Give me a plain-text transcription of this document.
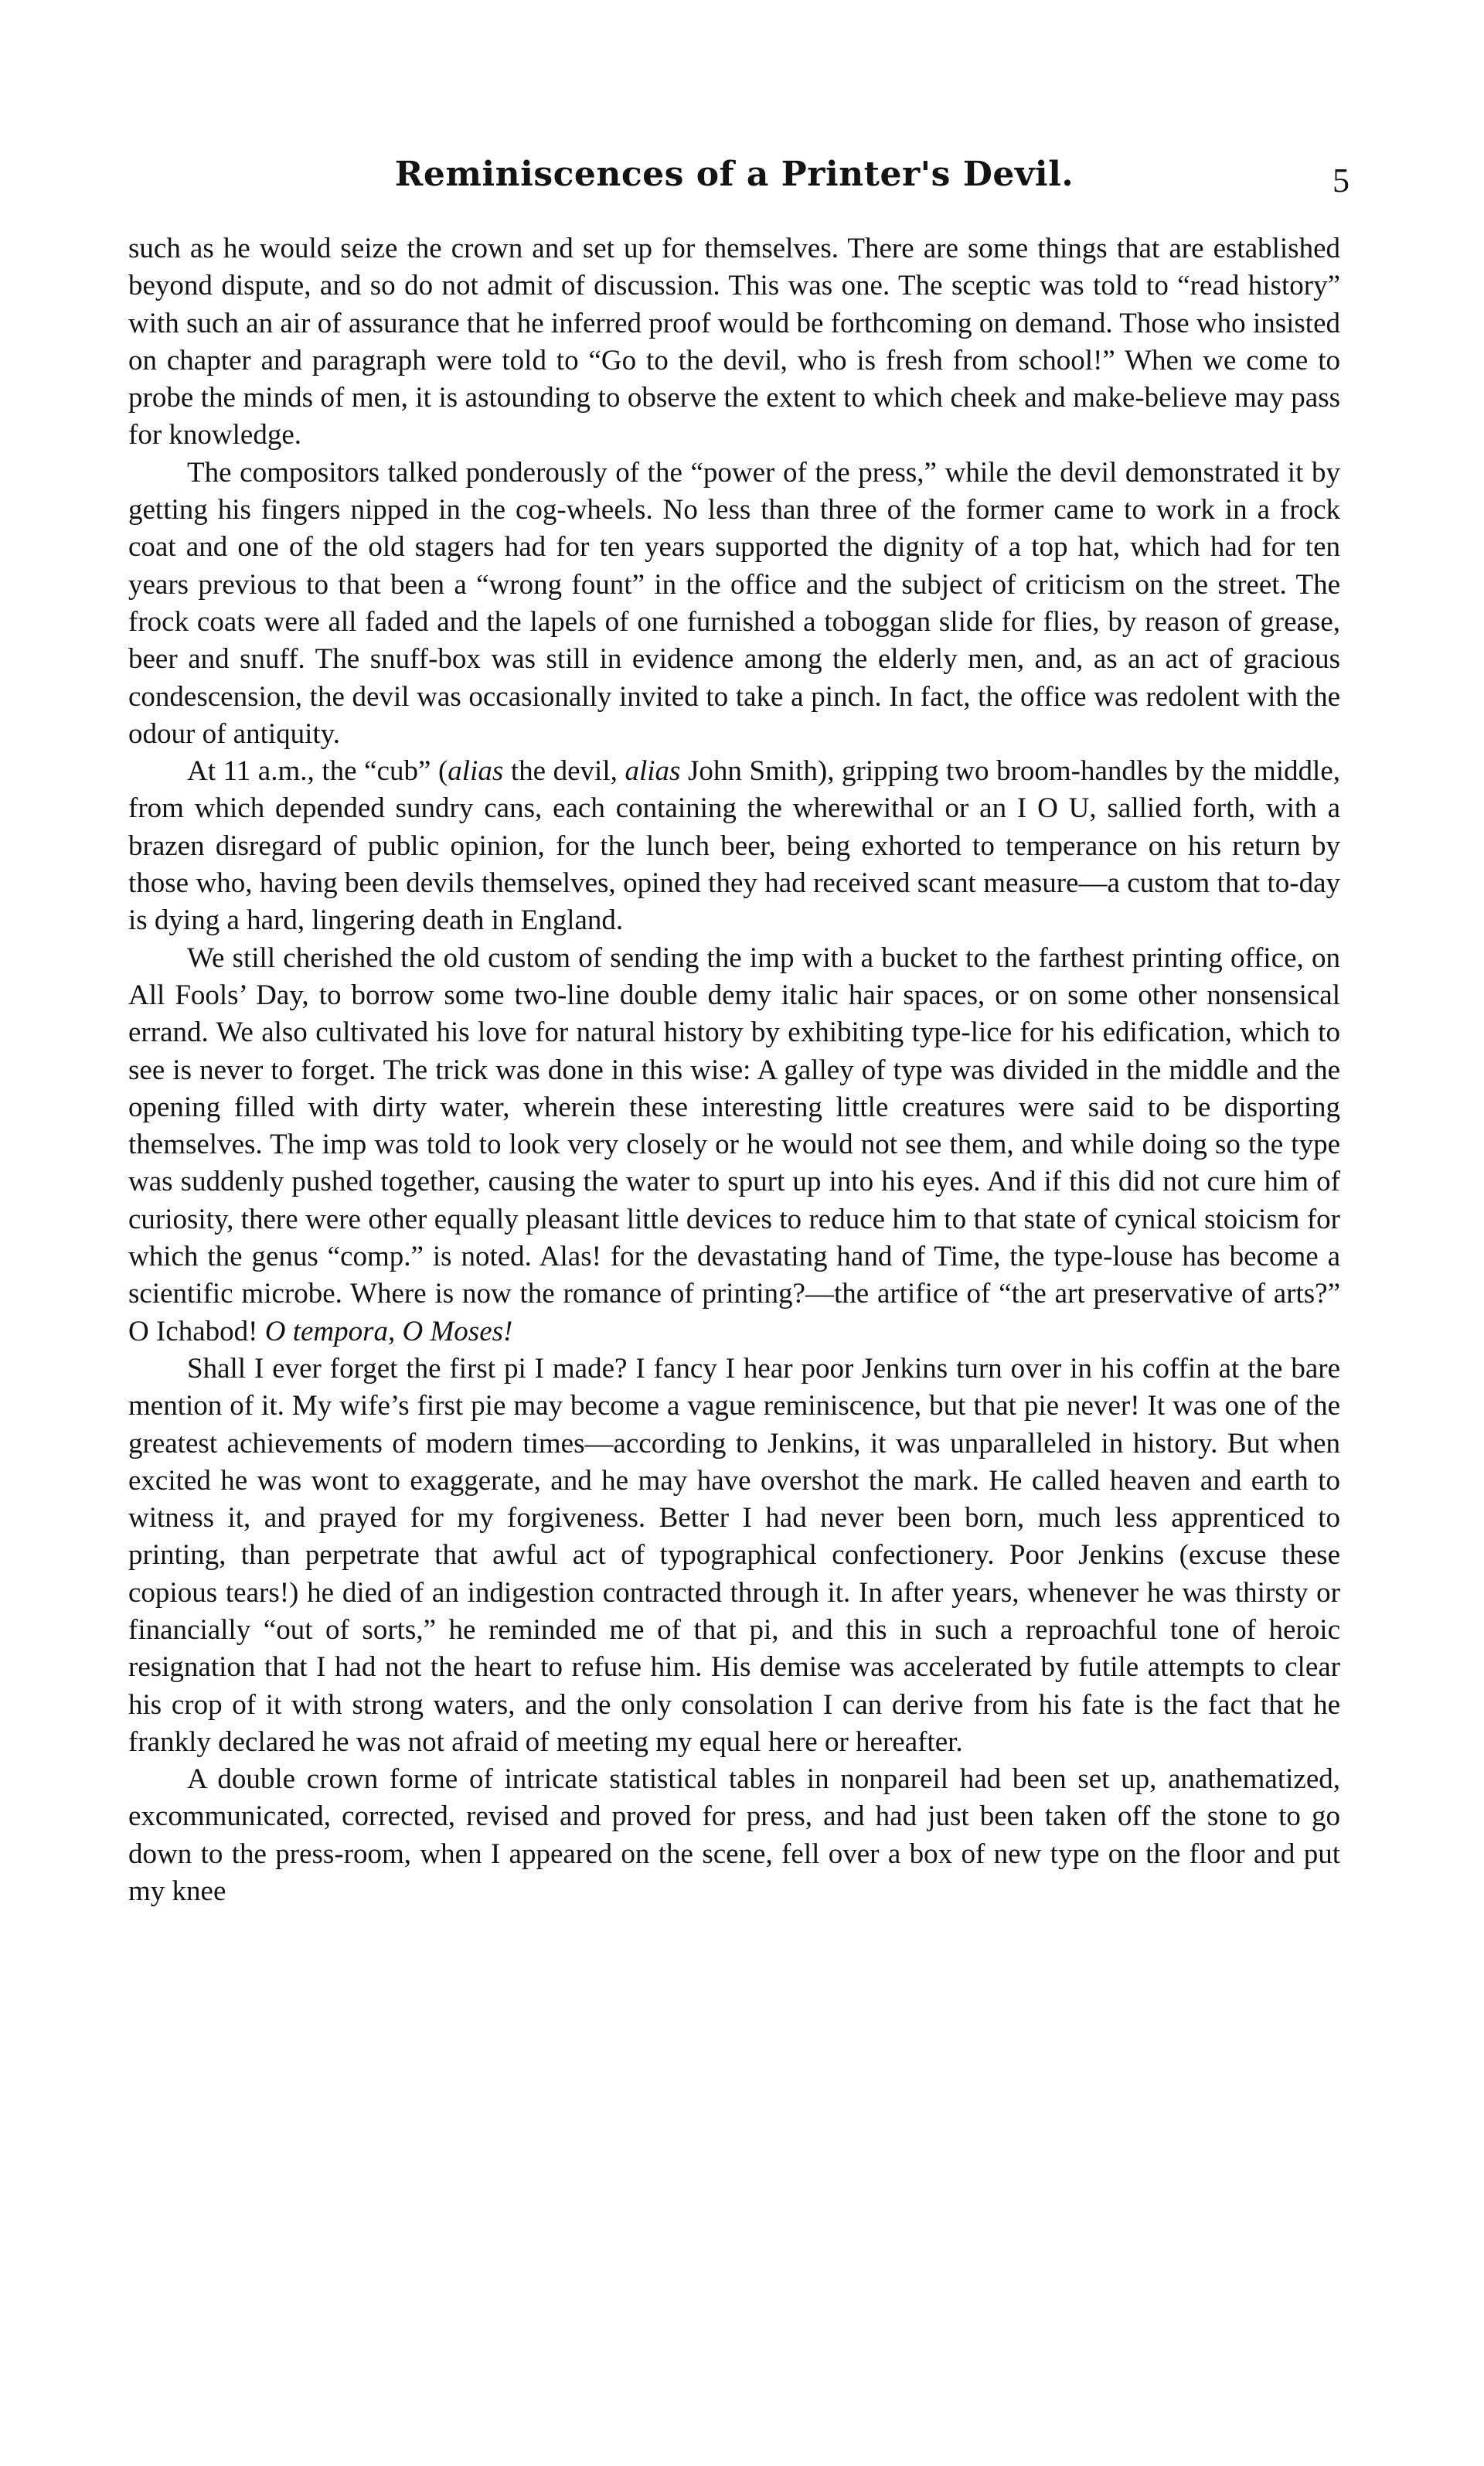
Reminiscences of a Printer's Devil.	5

such as he would seize the crown and set up for themselves. There are some things that are established beyond dispute, and so do not admit of discussion. This was one. The sceptic was told to “read history” with such an air of assurance that he inferred proof would be forthcoming on demand. Those who insisted on chapter and paragraph were told to “Go to the devil, who is fresh from school!” When we come to probe the minds of men, it is astounding to observe the extent to which cheek and make-believe may pass for knowledge.

The compositors talked ponderously of the “power of the press,” while the devil demonstrated it by getting his fingers nipped in the cog-wheels. No less than three of the former came to work in a frock coat and one of the old stagers had for ten years supported the dignity of a top hat, which had for ten years previous to that been a “wrong fount” in the office and the subject of criticism on the street. The frock coats were all faded and the lapels of one furnished a toboggan slide for flies, by reason of grease, beer and snuff. The snuff-box was still in evidence among the elderly men, and, as an act of gracious condescension, the devil was occasionally invited to take a pinch. In fact, the office was redolent with the odour of antiquity.

At 11 a.m., the “cub” (alias the devil, alias John Smith), gripping two broom-handles by the middle, from which depended sundry cans, each containing the wherewithal or an I O U, sallied forth, with a brazen disregard of public opinion, for the lunch beer, being exhorted to temperance on his return by those who, having been devils themselves, opined they had received scant measure—a custom that to-day is dying a hard, lingering death in England.

We still cherished the old custom of sending the imp with a bucket to the farthest printing office, on All Fools’ Day, to borrow some two-line double demy italic hair spaces, or on some other nonsensical errand. We also cultivated his love for natural history by exhibiting type-lice for his edification, which to see is never to forget. The trick was done in this wise: A galley of type was divided in the middle and the opening filled with dirty water, wherein these interesting little creatures were said to be disporting themselves. The imp was told to look very closely or he would not see them, and while doing so the type was suddenly pushed together, causing the water to spurt up into his eyes. And if this did not cure him of curiosity, there were other equally pleasant little devices to reduce him to that state of cynical stoicism for which the genus “comp.” is noted. Alas! for the devastating hand of Time, the type-louse has become a scientific microbe. Where is now the romance of printing?—the artifice of “the art preservative of arts?” O Ichabod! O tempora, O Moses!

Shall I ever forget the first pi I made? I fancy I hear poor Jenkins turn over in his coffin at the bare mention of it. My wife’s first pie may become a vague reminiscence, but that pie never! It was one of the greatest achievements of modern times—according to Jenkins, it was unparalleled in history. But when excited he was wont to exaggerate, and he may have overshot the mark. He called heaven and earth to witness it, and prayed for my forgiveness. Better I had never been born, much less apprenticed to printing, than perpetrate that awful act of typographical confectionery. Poor Jenkins (excuse these copious tears!) he died of an indigestion contracted through it. In after years, whenever he was thirsty or financially “out of sorts,” he reminded me of that pi, and this in such a reproachful tone of heroic resignation that I had not the heart to refuse him. His demise was accelerated by futile attempts to clear his crop of it with strong waters, and the only consolation I can derive from his fate is the fact that he frankly declared he was not afraid of meeting my equal here or hereafter.

A double crown forme of intricate statistical tables in nonpareil had been set up, anathematized, excommunicated, corrected, revised and proved for press, and had just been taken off the stone to go down to the press-room, when I appeared on the scene, fell over a box of new type on the floor and put my knee
